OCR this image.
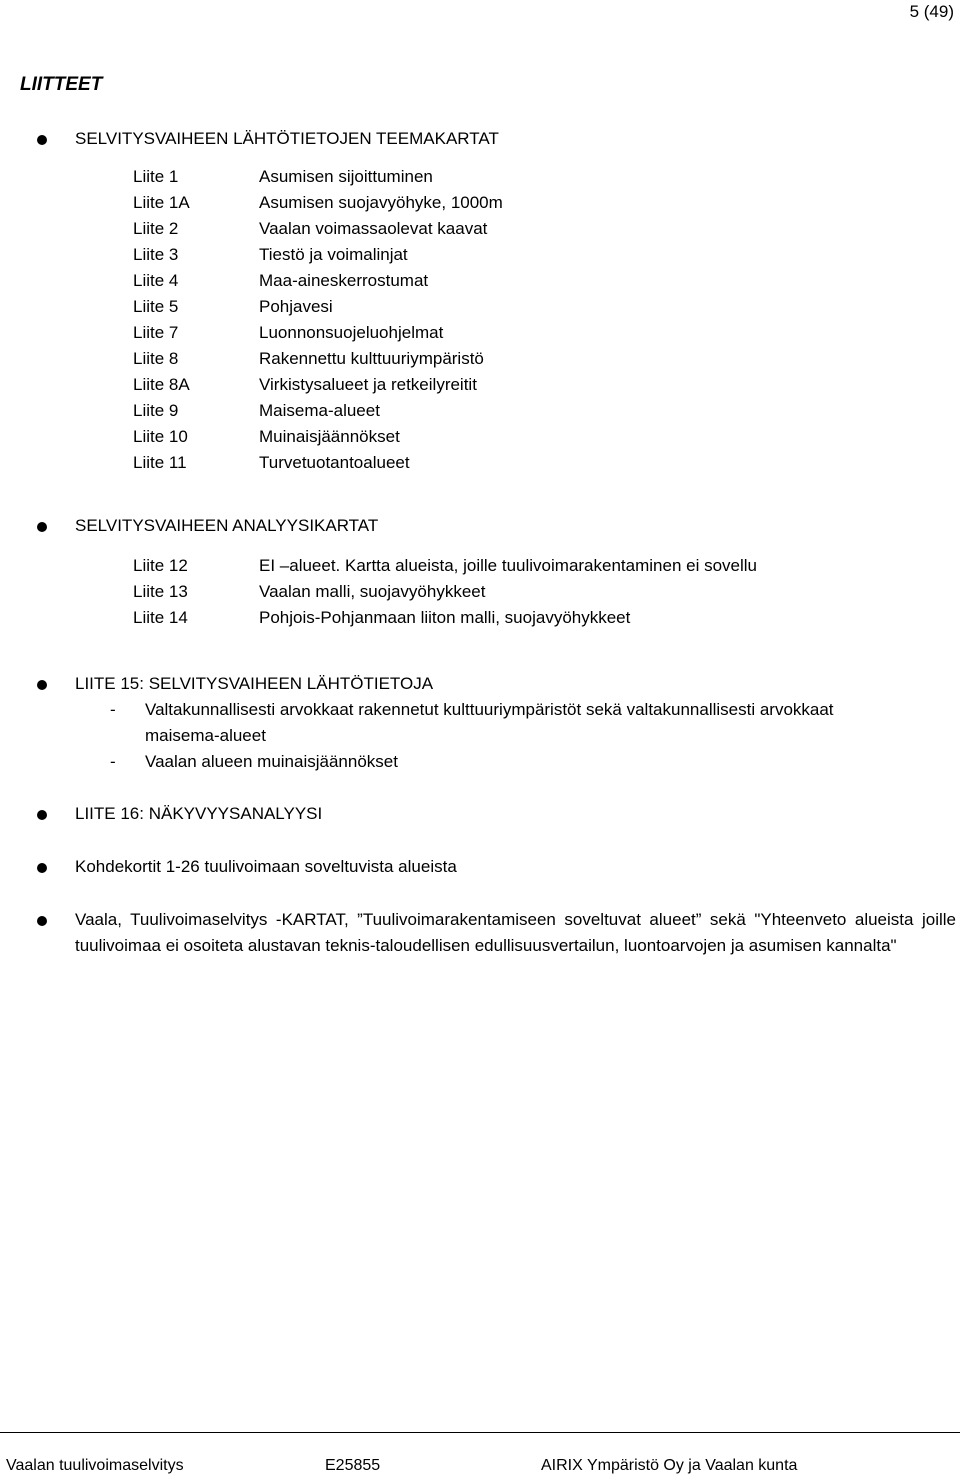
5 (49)
LIITTEET
SELVITYSVAIHEEN LÄHTÖTIETOJEN TEEMAKARTAT
Liite 1	Asumisen sijoittuminen
Liite 1A	Asumisen suojavyöhyke, 1000m
Liite 2	Vaalan voimassaolevat kaavat
Liite 3	Tiestö ja voimalinjat
Liite 4	Maa-aineskerrostumat
Liite 5	Pohjavesi
Liite 7	Luonnonsuojeluohjelmat
Liite 8	Rakennettu kulttuuriympäristö
Liite 8A	Virkistysalueet ja retkeilyreitit
Liite 9	Maisema-alueet
Liite 10	Muinaisjäännökset
Liite 11	Turvetuotantoalueet
SELVITYSVAIHEEN ANALYYSIKARTAT
Liite 12	EI –alueet. Kartta alueista, joille tuulivoimarakentaminen ei sovellu
Liite 13	Vaalan malli, suojavyöhykkeet
Liite 14	Pohjois-Pohjanmaan liiton malli, suojavyöhykkeet
LIITE 15: SELVITYSVAIHEEN LÄHTÖTIETOJA
- Valtakunnallisesti arvokkaat rakennetut kulttuuriympäristöt sekä valtakunnallisesti arvokkaat
maisema-alueet
- Vaalan alueen muinaisjäännökset
LIITE 16: NÄKYVYYSANALYYSI
Kohdekortit 1-26 tuulivoimaan soveltuvista alueista
Vaala, Tuulivoimaselvitys -KARTAT, ”Tuulivoimarakentamiseen soveltuvat alueet” sekä "Yhteenveto alueista joille tuulivoimaa ei osoiteta alustavan teknis-taloudellisen edullisuusvertailun, luontoarvojen ja asumisen kannalta"
Vaalan tuulivoimaselvitys	E25855	AIRIX Ympäristö Oy ja Vaalan kunta
